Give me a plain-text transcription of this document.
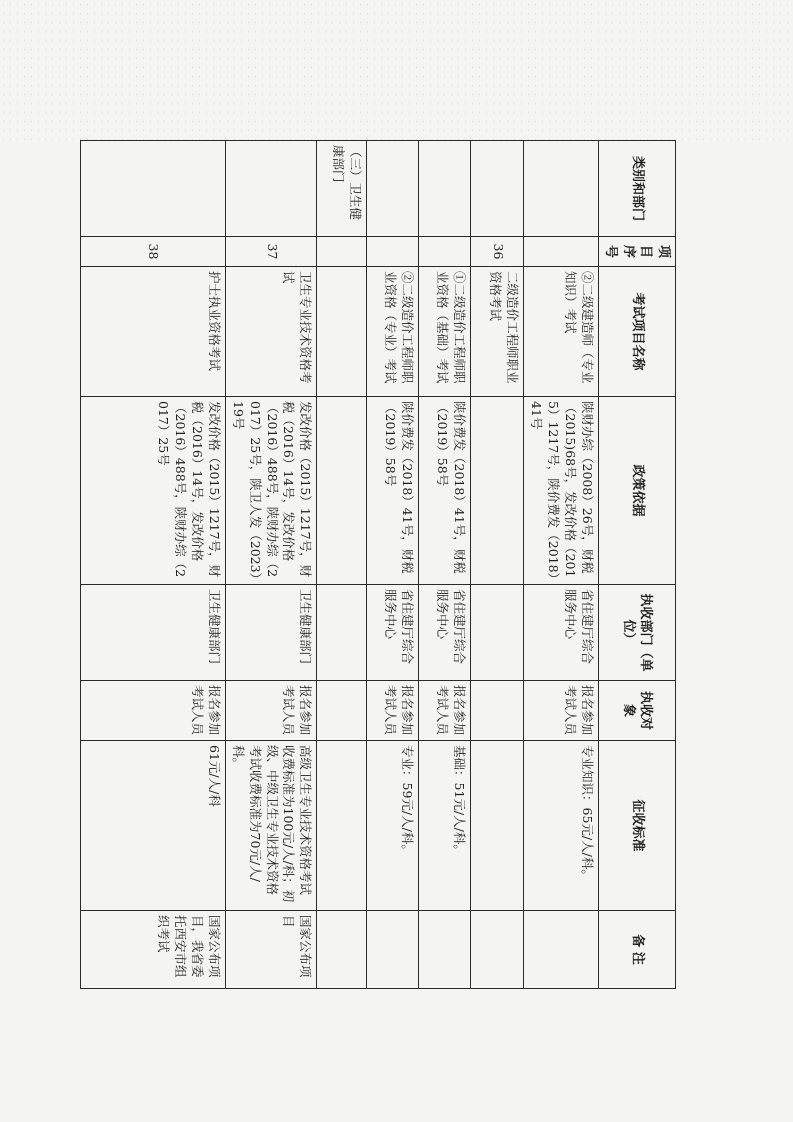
类别和部门	项目序号	考试项目名称	政策依据	执收部门（单位）	执收对象	征收标准	备 注
		②二级建造师（专业知识）考试	陕财办综（2008）26号，财税（2015)68号，发改价格（2015）1217号，陕价费发（2018）41号	省住建厅综合服务中心	报名参加考试人员	专业知识：65元/人/科。	
	36	二级造价工程师职业资格考试					
		①二级造价工程师职业资格（基础）考试	陕价费发（2018）41号，财税（2019）58号	省住建厅综合服务中心	报名参加考试人员	基础：51元/人/科。	
		②二级造价工程师职业资格（专业）考试	陕价费发（2018）41号，财税（2019）58号	省住建厅综合服务中心	报名参加考试人员	专业：59元/人/科。	
（三）卫生健康部门							
	37	卫生专业技术资格考试	发改价格（2015）1217号，财税（2016）14号，发改价格（2016）488号，陕财办综（2017）25号，陕卫人发（2023）19号	卫生健康部门	报名参加考试人员	高级卫生专业技术资格考试收费标准为100元/人/科；初级、中级卫生专业技术资格考试收费标准为70元/人/科。	国家公布项目
	38	护士执业资格考试	发改价格（2015）1217号，财税（2016）14号，发改价格（2016）488号，陕财办综（2017）25号	卫生健康部门	报名参加考试人员	61元/人/科	国家公布项目，我省委托西安市组织考试
